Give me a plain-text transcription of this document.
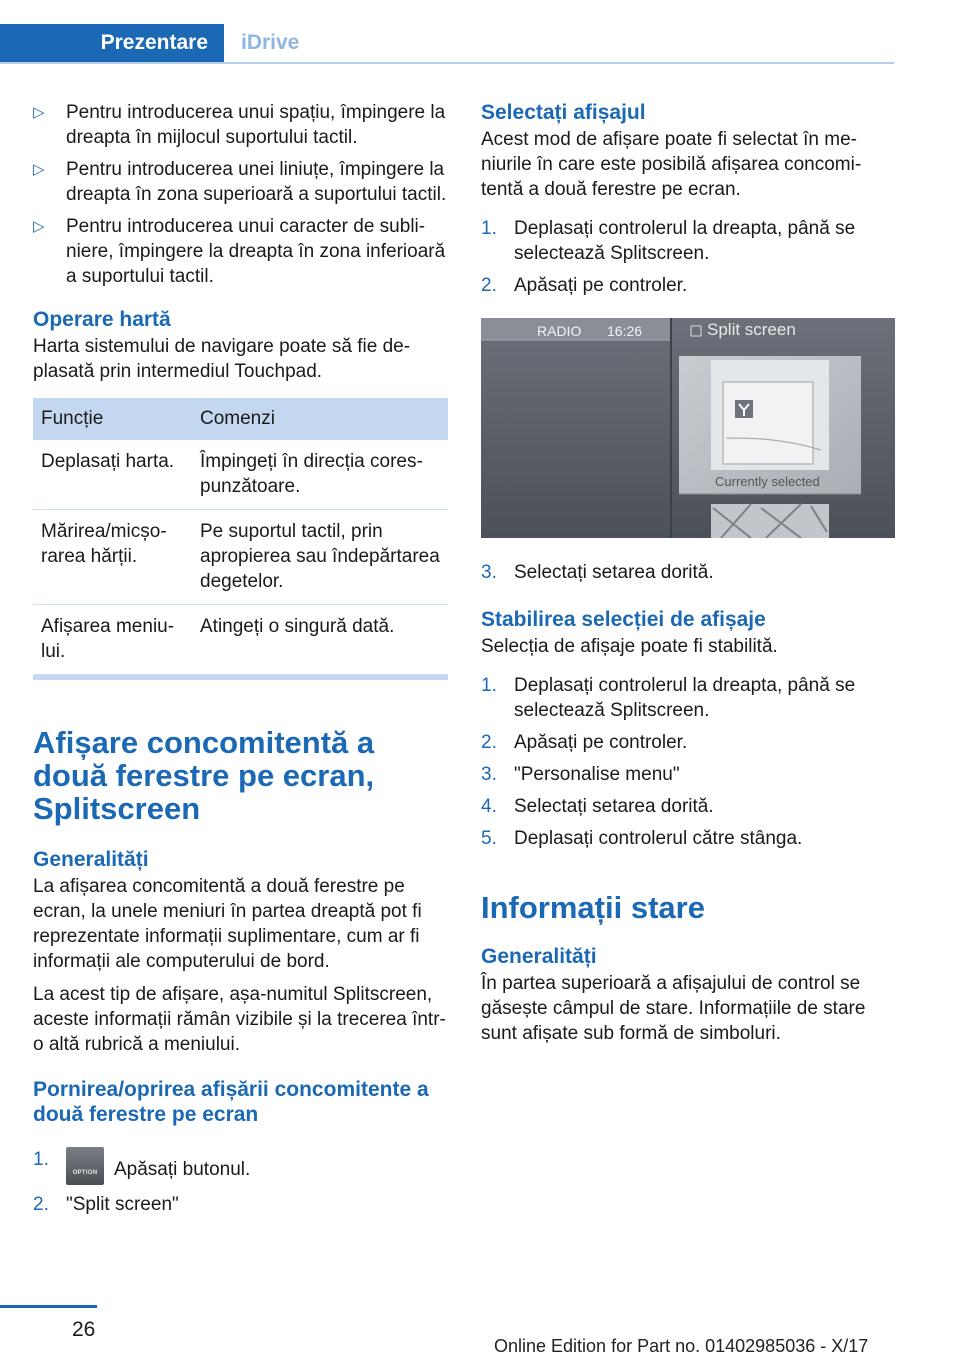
Prezentare	iDrive
▷ Pentru introducerea unui spațiu, împingere la dreapta în mijlocul suportului tactil.
▷ Pentru introducerea unei liniuțe, împingere la dreapta în zona superioară a suportului tactil.
▷ Pentru introducerea unui caracter de subliniere, împingere la dreapta în zona inferioară a suportului tactil.
Operare hartă

Harta sistemului de navigare poate să fie deplasată prin intermediul Touchpad.

Funcție	Comenzi
Deplasați harta.	Împingeți în direcția corespunzătoare.
Mărirea/micșorarea hărții.	Pe suportul tactil, prin apropierea sau îndepărtarea degetelor.
Afișarea meniului.	Atingeți o singură dată.
Afișare concomitentă a două ferestre pe ecran, Splitscreen
Generalități

La afișarea concomitentă a două ferestre pe ecran, la unele meniuri în partea dreaptă pot fi reprezentate informații suplimentare, cum ar fi informații ale computerului de bord.

La acest tip de afișare, așa-numitul Splitscreen, aceste informații rămân vizibile și la trecerea într-o altă rubrică a meniului.

Pornirea/oprirea afișării concomitente a două ferestre pe ecran
1.
OPTION Apăsați butonul.
2. "Split screen"
Selectați afișajul

Acest mod de afișare poate fi selectat în meniurile în care este posibilă afișarea concomitentă a două ferestre pe ecran.

1. Deplasați controlerul la dreapta, până se selectează Splitscreen.
2. Apăsați pe controler.
RADIO 16:26	Split screen
Currently selected
3. Selectați setarea dorită.
Stabilirea selecției de afișaje

Selecția de afișaje poate fi stabilită.

1. Deplasați controlerul la dreapta, până se selectează Splitscreen.
2. Apăsați pe controler.
3. "Personalise menu"
4. Selectați setarea dorită.
5. Deplasați controlerul către stânga.
Informații stare
Generalități

În partea superioară a afișajului de control se găsește câmpul de stare. Informațiile de stare sunt afișate sub formă de simboluri.

26
Online Edition for Part no. 01402985036 - X/17
